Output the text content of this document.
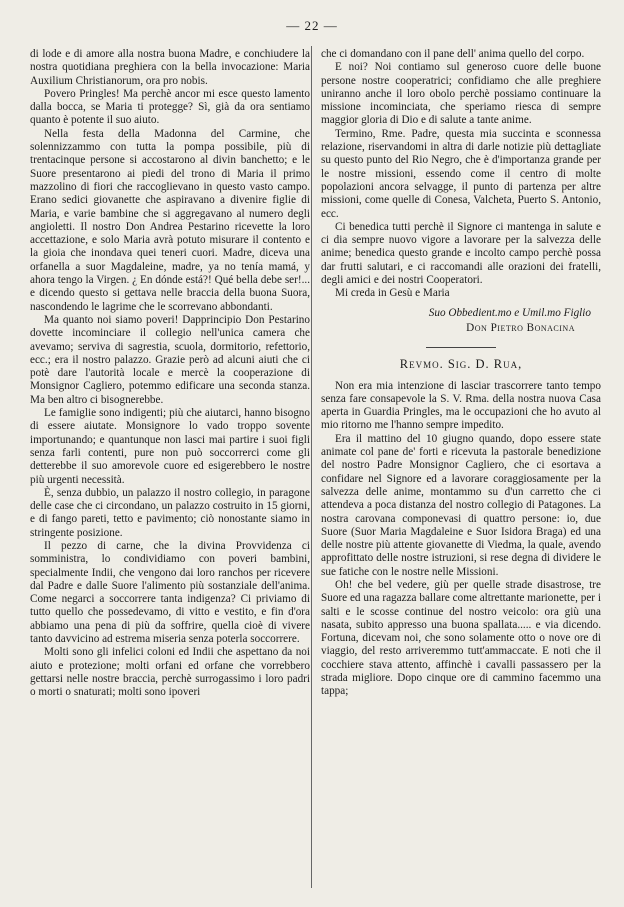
— 22 —

di lode e di amore alla nostra buona Madre, e conchiudere la nostra quotidiana preghiera con la bella invocazione: Maria Auxilium Christianorum, ora pro nobis.

Povero Pringles! Ma perchè ancor mi esce questo lamento dalla bocca, se Maria ti protegge? Sì, già da ora sentiamo quanto è potente il suo aiuto.

Nella festa della Madonna del Carmine, che solennizzammo con tutta la pompa possibile, più di trentacinque persone si accostarono al divin banchetto; e le Suore presentarono ai piedi del trono di Maria il primo mazzolino di fiori che raccoglievano in questo vasto campo. Erano sedici giovanette che aspiravano a divenire figlie di Maria, e varie bambine che si aggregavano al numero degli angioletti. Il nostro Don Andrea Pestarino ricevette la loro accettazione, e solo Maria avrà potuto misurare il contento e la gioia che inondava quei teneri cuori. Madre, diceva una orfanella a suor Magdaleine, madre, ya no tenía mamá, y ahora tengo la Virgen. ¿ En dónde está?! Qué bella debe ser!... e dicendo questo si gettava nelle braccia della buona Suora, nascondendo le lagrime che le scorrevano abbondanti.

Ma quanto noi siamo poveri! Dapprincipio Don Pestarino dovette incominciare il collegio nell'unica camera che avevamo; serviva di sagrestia, scuola, dormitorio, refettorio, ecc.; era il nostro palazzo. Grazie però ad alcuni aiuti che ci potè dare l'autorità locale e mercè la cooperazione di Monsignor Cagliero, potemmo edificare una seconda stanza. Ma ben altro ci bisognerebbe.

Le famiglie sono indigenti; più che aiutarci, hanno bisogno di essere aiutate. Monsignore lo vado troppo sovente importunando; e quantunque non lasci mai partire i suoi figli senza farli contenti, pure non può soccorrerci come gli detterebbe il suo amorevole cuore ed esigerebbero le nostre più urgenti necessità.

È, senza dubbio, un palazzo il nostro collegio, in paragone delle case che ci circondano, un palazzo costruito in 15 giorni, e di fango pareti, tetto e pavimento; ciò nonostante siamo in stringente posizione.

Il pezzo di carne, che la divina Provvidenza ci somministra, lo condividiamo con poveri bambini, specialmente Indii, che vengono dai loro ranchos per ricevere dal Padre e dalle Suore l'alimento più sostanziale dell'anima. Come negarci a soccorrere tanta indigenza? Ci priviamo di tutto quello che possedevamo, di vitto e vestito, e fin d'ora abbiamo una pena di più da soffrire, quella cioè di vivere tanto davvicino ad estrema miseria senza poterla soccorrere.

Molti sono gli infelici coloni ed Indii che aspettano da noi aiuto e protezione; molti orfani ed orfane che vorrebbero gettarsi nelle nostre braccia, perchè surrogassimo i loro padri o morti o snaturati; molti sono ipoveri

che ci domandano con il pane dell' anima quello del corpo.

E noi? Noi contiamo sul generoso cuore delle buone persone nostre cooperatrici; confidiamo che alle preghiere uniranno anche il loro obolo perchè possiamo continuare la missione incominciata, che speriamo riesca di sempre maggior gloria di Dio e di salute a tante anime.

Termino, Rme. Padre, questa mia succinta e sconnessa relazione, riservandomi in altra di darle notizie più dettagliate su questo punto del Rio Negro, che è d'importanza grande per le nostre missioni, essendo come il centro di molte popolazioni ancora selvagge, il punto di partenza per altre missioni, come quelle di Conesa, Valcheta, Puerto S. Antonio, ecc.

Ci benedica tutti perchè il Signore ci mantenga in salute e ci dia sempre nuovo vigore a lavorare per la salvezza delle anime; benedica questo grande e incolto campo perchè possa dar frutti salutari, e ci raccomandi alle orazioni dei fratelli, degli amici e dei nostri Cooperatori.

Mi creda in Gesù e Maria

Suo Obbedient.mo e Umil.mo Figlio
Don Pietro Bonacina
Revmo. Sig. D. Rua,

Non era mia intenzione di lasciar trascorrere tanto tempo senza fare consapevole la S. V. Rma. della nostra nuova Casa aperta in Guardia Pringles, ma le occupazioni che ho avuto al mio ritorno me l'hanno sempre impedito.

Era il mattino del 10 giugno quando, dopo essere state animate col pane de' forti e ricevuta la pastorale benedizione del nostro Padre Monsignor Cagliero, che ci esortava a confidare nel Signore ed a lavorare coraggiosamente per la salvezza delle anime, montammo su d'un carretto che ci attendeva a poca distanza del nostro collegio di Patagones. La nostra carovana componevasi di quattro persone: io, due Suore (Suor Maria Magdaleine e Suor Isidora Braga) ed una delle nostre più attente giovanette di Viedma, la quale, avendo approfittato delle nostre istruzioni, si rese degna di dividere le sue fatiche con le nostre nelle Missioni.

Oh! che bel vedere, giù per quelle strade disastrose, tre Suore ed una ragazza ballare come altrettante marionette, per i salti e le scosse continue del nostro veicolo: ora giù una nasata, subito appresso una buona spallata..... e via dicendo. Fortuna, dicevam noi, che sono solamente otto o nove ore di viaggio, del resto arriveremmo tutt'ammaccate. E noti che il cocchiere stava attento, affinchè i cavalli passassero per la strada migliore. Dopo cinque ore di cammino facemmo una tappa;
